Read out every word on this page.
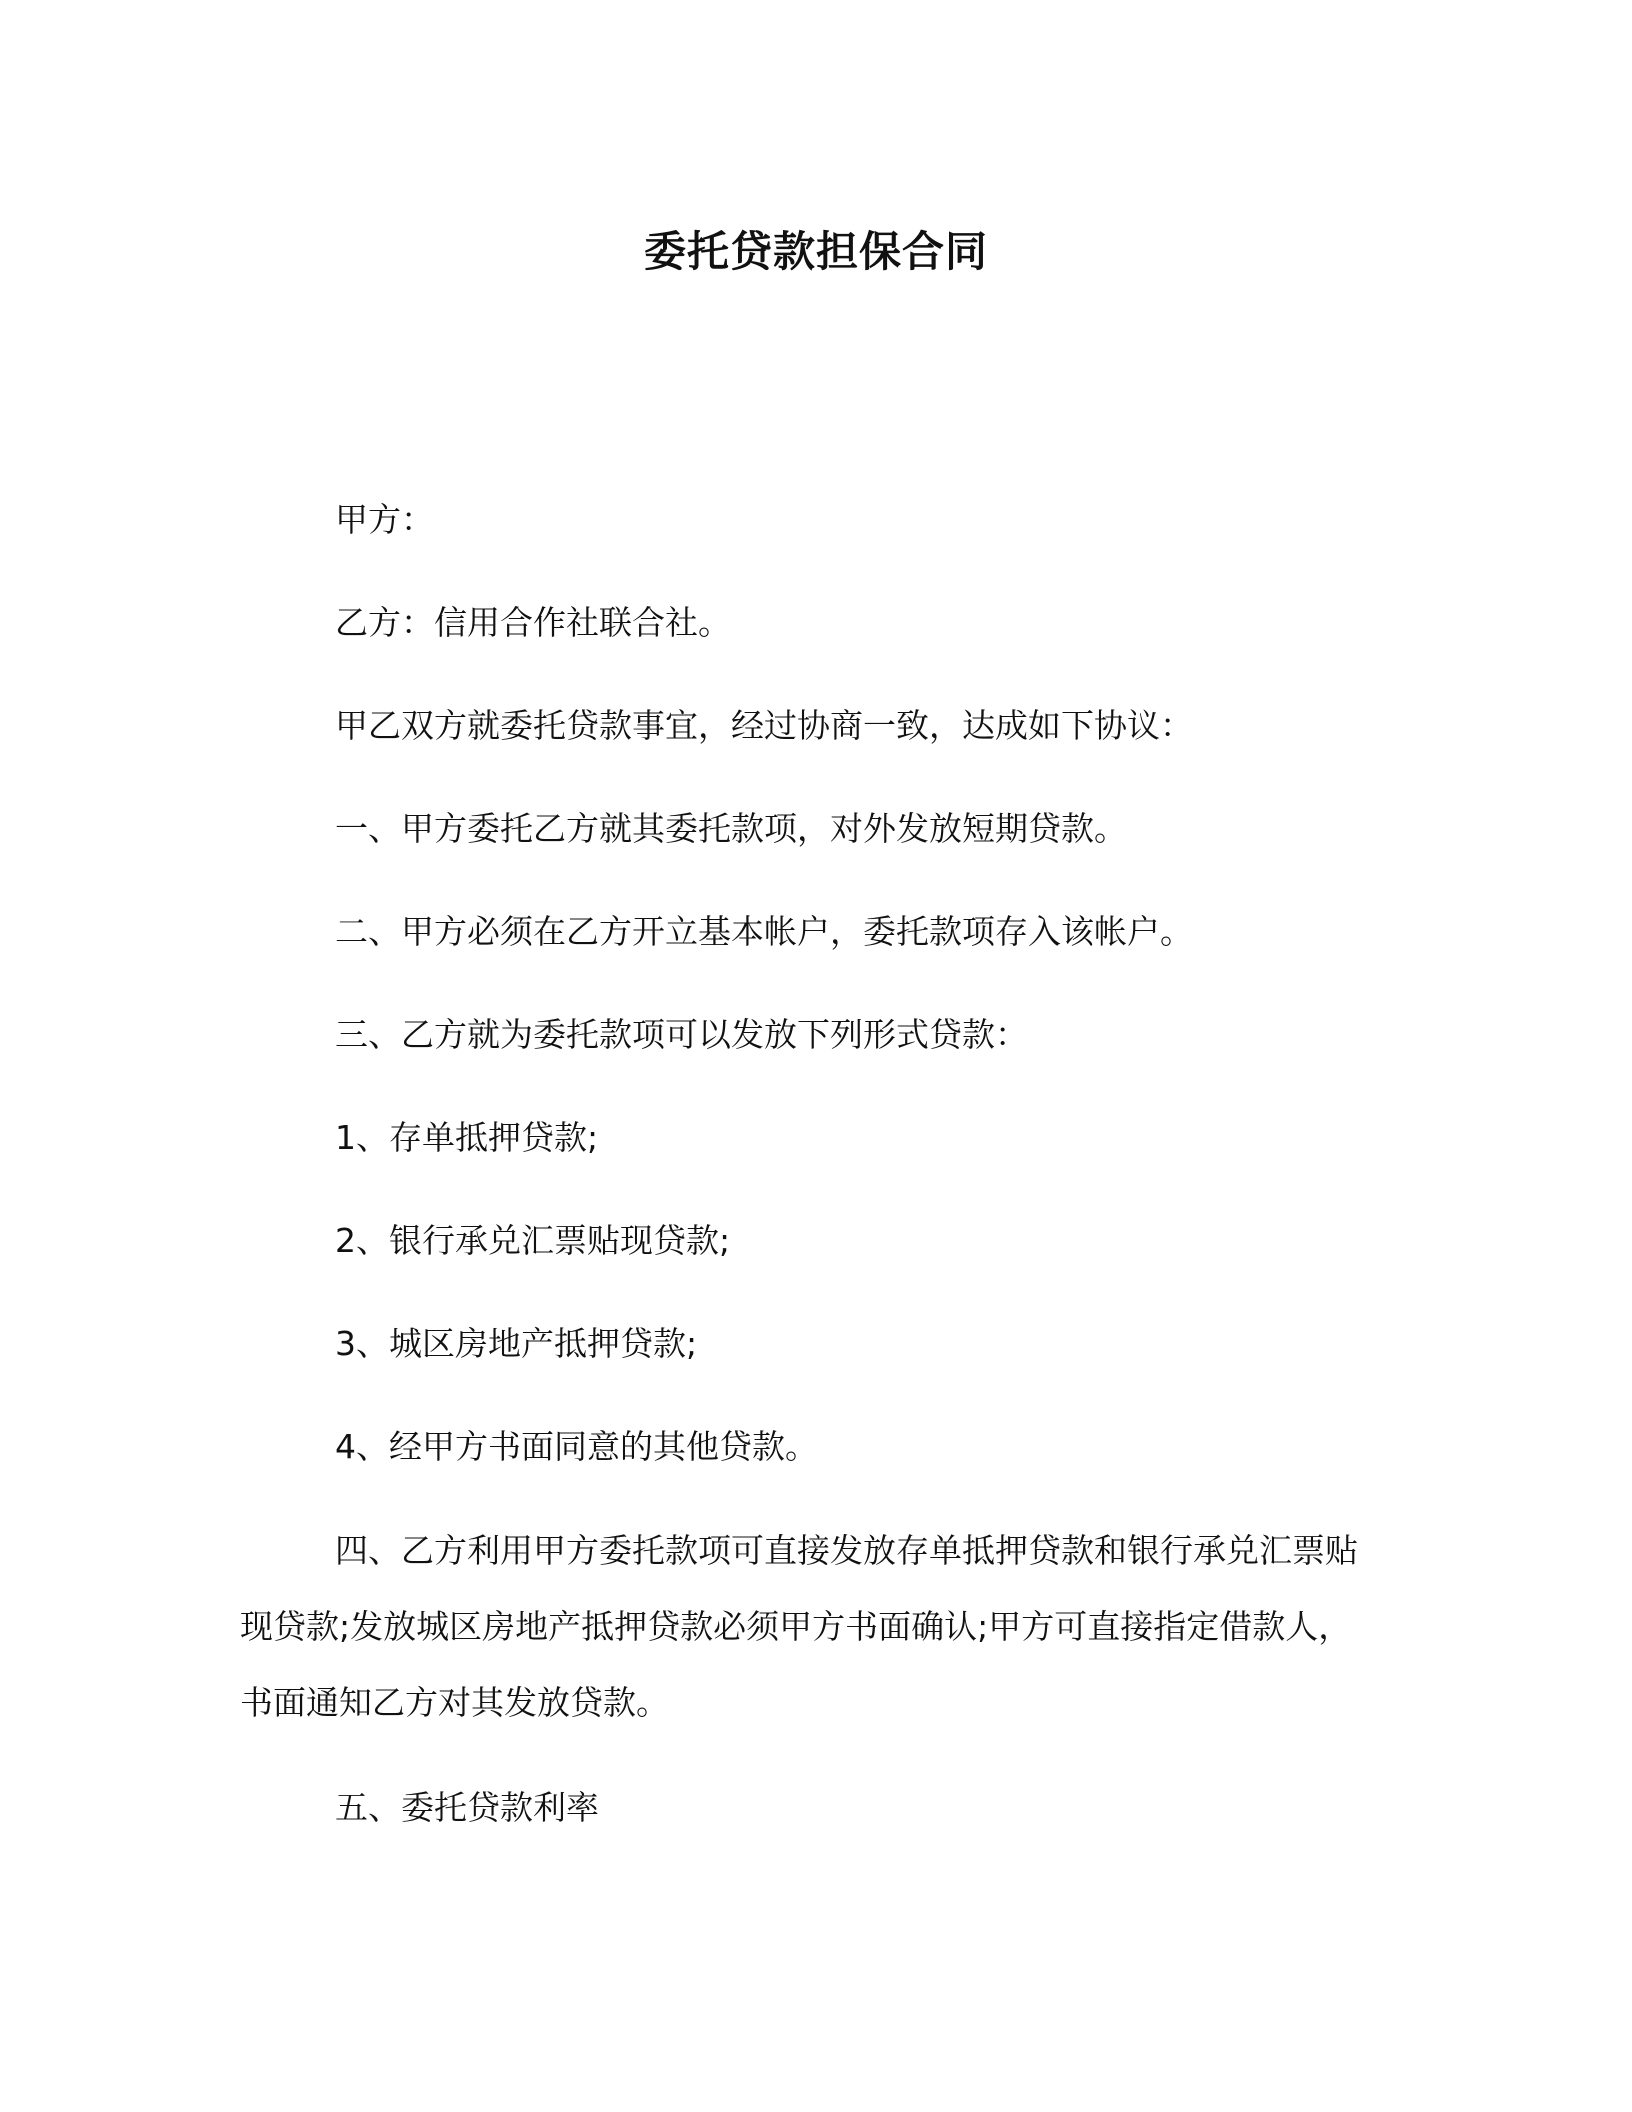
委托贷款担保合同

甲方：

乙方：信用合作社联合社。

甲乙双方就委托贷款事宜，经过协商一致，达成如下协议：

一、甲方委托乙方就其委托款项，对外发放短期贷款。

二、甲方必须在乙方开立基本帐户，委托款项存入该帐户。

三、乙方就为委托款项可以发放下列形式贷款：

1、存单抵押贷款;

2、银行承兑汇票贴现贷款;

3、城区房地产抵押贷款;

4、经甲方书面同意的其他贷款。

四、乙方利用甲方委托款项可直接发放存单抵押贷款和银行承兑汇票贴现贷款;发放城区房地产抵押贷款必须甲方书面确认;甲方可直接指定借款人，书面通知乙方对其发放贷款。

五、委托贷款利率
